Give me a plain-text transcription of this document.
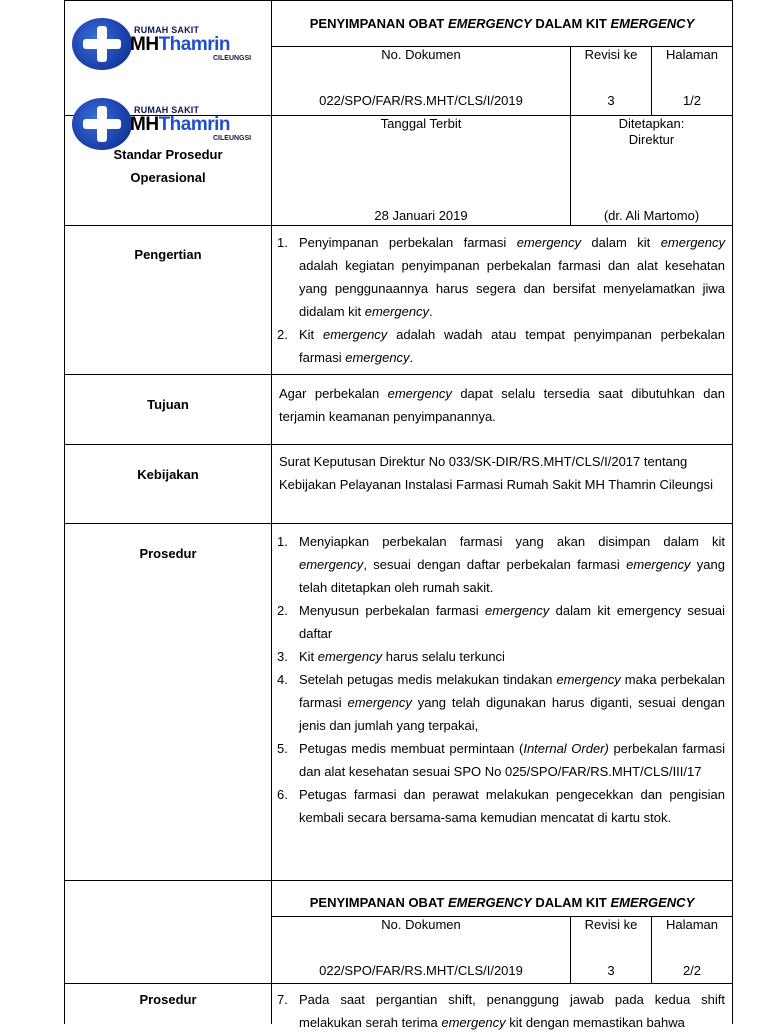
RUMAH SAKIT
MHThamrin
CILEUNGSI
RUMAH SAKIT
MHThamrin
CILEUNGSI
PENYIMPANAN OBAT EMERGENCY DALAM KIT EMERGENCY
No. Dokumen	Revisi ke	Halaman
022/SPO/FAR/RS.MHT/CLS/I/2019	3	1/2
Standar Prosedur
Operasional
Tanggal Terbit
28 Januari 2019
Ditetapkan:
Direktur
(dr. Ali Martomo)
Pengertian
1. Penyimpanan perbekalan farmasi emergency dalam kit emergency adalah kegiatan penyimpanan perbekalan farmasi dan alat kesehatan yang penggunaannya harus segera dan bersifat menyelamatkan jiwa didalam kit emergency.
2. Kit emergency adalah wadah atau tempat penyimpanan perbekalan farmasi emergency.
Tujuan
Agar perbekalan emergency dapat selalu tersedia saat dibutuhkan dan terjamin keamanan penyimpanannya.
Kebijakan
Surat Keputusan Direktur No 033/SK-DIR/RS.MHT/CLS/I/2017 tentang Kebijakan Pelayanan Instalasi Farmasi Rumah Sakit MH Thamrin Cileungsi
Prosedur
1. Menyiapkan perbekalan farmasi yang akan disimpan dalam kit emergency, sesuai dengan daftar perbekalan farmasi emergency yang telah ditetapkan oleh rumah sakit.
2. Menyusun perbekalan farmasi emergency dalam kit emergency sesuai daftar
3. Kit emergency harus selalu terkunci
4. Setelah petugas medis melakukan tindakan emergency maka perbekalan farmasi emergency yang telah digunakan harus diganti, sesuai dengan jenis dan jumlah yang terpakai,
5. Petugas medis membuat permintaan (Internal Order) perbekalan farmasi dan alat kesehatan sesuai SPO No 025/SPO/FAR/RS.MHT/CLS/III/17
6. Petugas farmasi dan perawat melakukan pengecekkan dan pengisian kembali secara bersama-sama kemudian mencatat di kartu stok.
PENYIMPANAN OBAT EMERGENCY DALAM KIT EMERGENCY
No. Dokumen	Revisi ke	Halaman
022/SPO/FAR/RS.MHT/CLS/I/2019	3	2/2
Prosedur	7. Pada saat pergantian shift, penanggung jawab pada kedua shift melakukan serah terima emergency kit dengan memastikan bahwa
